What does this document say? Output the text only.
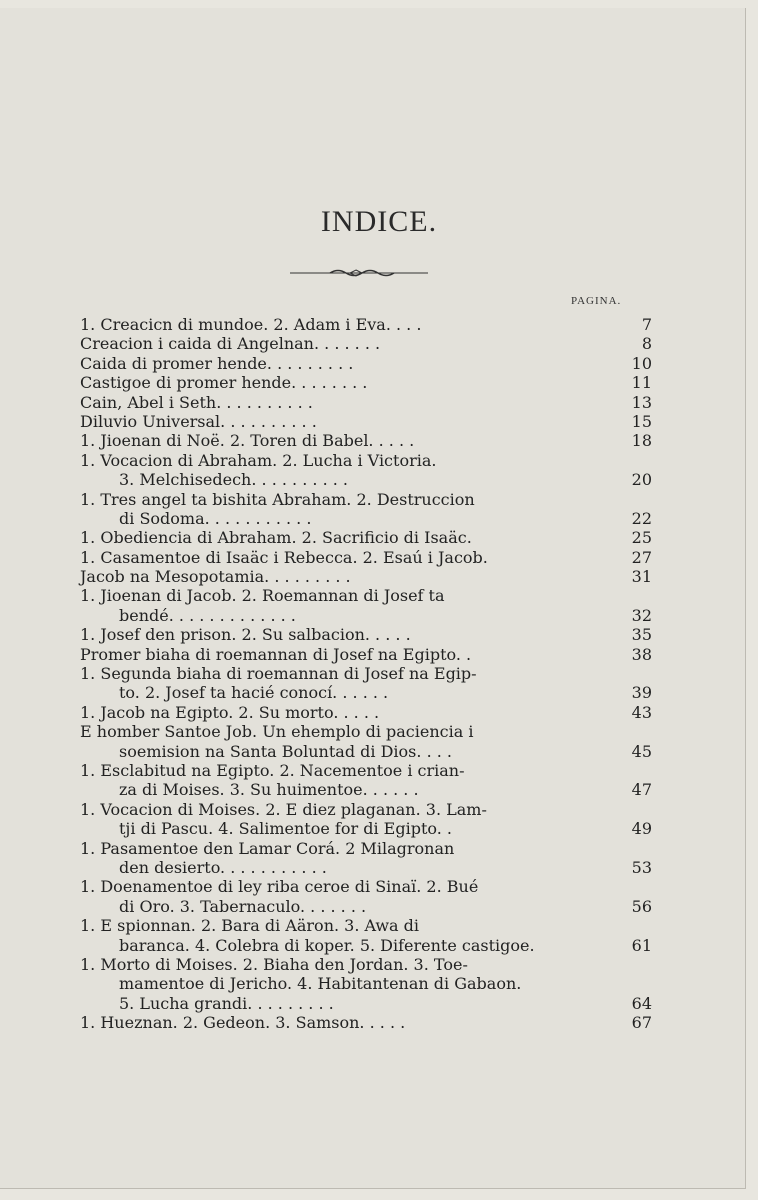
INDICE.
PAGINA.
1. Creacicn di mundoe. 2. Adam i Eva. . . .	7
Creacion i caida di Angelnan. . . . . . .	8
Caida di promer hende. . . . . . . . .	10
Castigoe di promer hende. . . . . . . .	11
Cain, Abel i Seth. . . . . . . . . .	13
Diluvio Universal. . . . . . . . . .	15
1. Jioenan di Noë. 2. Toren di Babel. . . . .	18
1. Vocacion di Abraham. 2. Lucha i Victoria.
3. Melchisedech. . . . . . . . . .	20
1. Tres angel ta bishita Abraham. 2. Destruccion
di Sodoma. . . . . . . . . . .	22
1. Obediencia di Abraham. 2. Sacrificio di Isaäc.	25
1. Casamentoe di Isaäc i Rebecca. 2. Esaú i Jacob.	27
Jacob na Mesopotamia. . . . . . . . .	31
1. Jioenan di Jacob. 2. Roemannan di Josef ta
bendé. . . . . . . . . . . . .	32
1. Josef den prison. 2. Su salbacion. . . . .	35
Promer biaha di roemannan di Josef na Egipto. .	38
1. Segunda biaha di roemannan di Josef na Egip-
to. 2. Josef ta hacié conocí. . . . . .	39
1. Jacob na Egipto. 2. Su morto. . . . .	43
E homber Santoe Job. Un ehemplo di paciencia i
soemision na Santa Boluntad di Dios. . . .	45
1. Esclabitud na Egipto. 2. Nacementoe i crian-
za di Moises. 3. Su huimentoe. . . . . .	47
1. Vocacion di Moises. 2. E diez plaganan. 3. Lam-
tji di Pascu. 4. Salimentoe for di Egipto. .	49
1. Pasamentoe den Lamar Corá. 2 Milagronan
den desierto. . . . . . . . . . .	53
1. Doenamentoe di ley riba ceroe di Sinaï. 2. Bué
di Oro. 3. Tabernaculo. . . . . . .	56
1. E spionnan. 2. Bara di Aäron. 3. Awa di
baranca. 4. Colebra di koper. 5. Diferente castigoe.	61
1. Morto di Moises. 2. Biaha den Jordan. 3. Toe-
mamentoe di Jericho. 4. Habitantenan di Gabaon.
5. Lucha grandi. . . . . . . . .	64
1. Hueznan. 2. Gedeon. 3. Samson. . . . .	67
